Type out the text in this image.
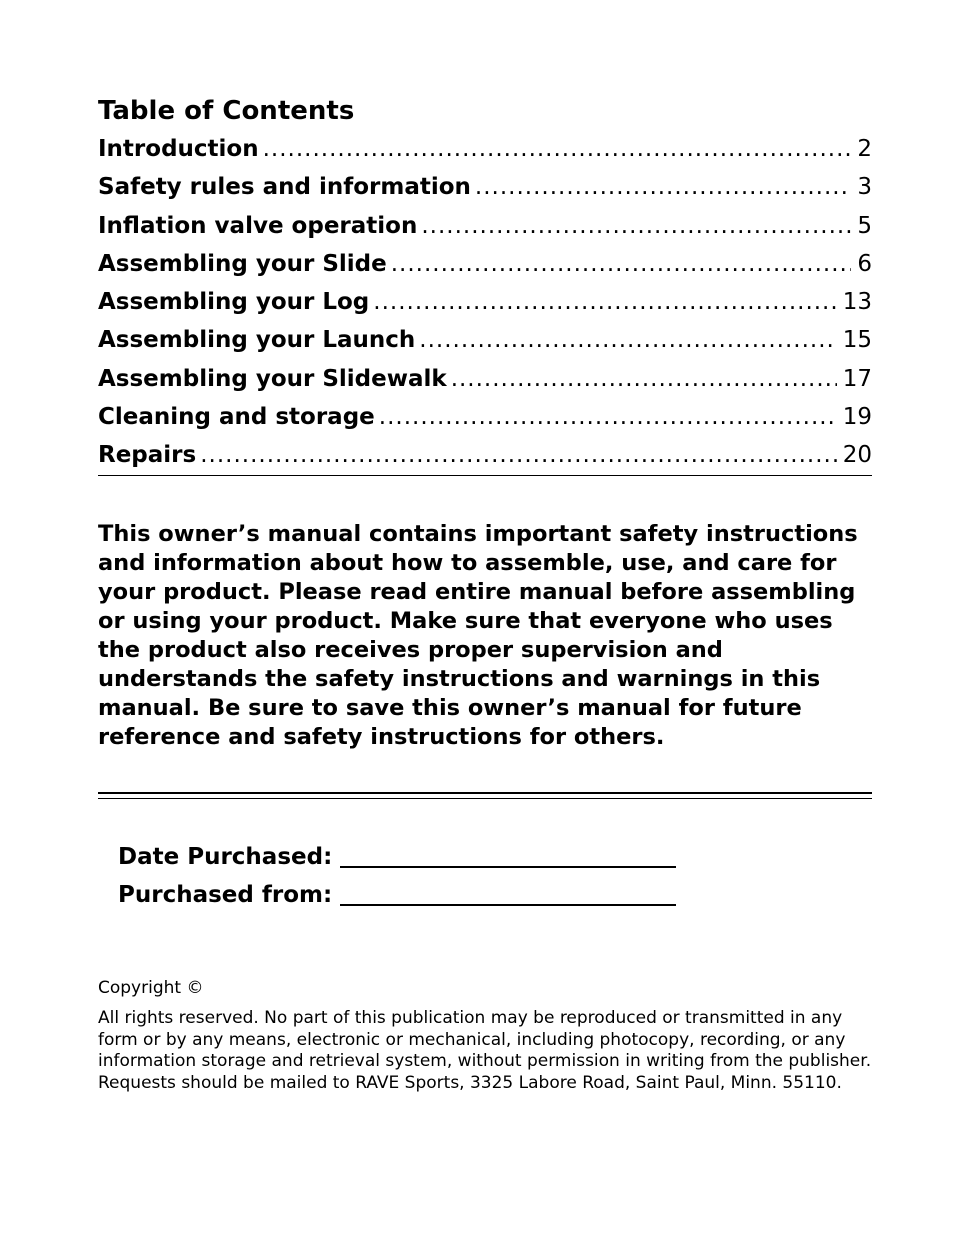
Table of Contents
Introduction .....	2
Safety rules and information .....	3
Inflation valve operation .....	5
Assembling your Slide .....	6
Assembling your Log .....	13
Assembling your Launch .....	15
Assembling your Slidewalk .....	17
Cleaning and storage .....	19
Repairs .....	20

This owner’s manual contains important safety instructions and information about how to assemble, use, and care for your product. Please read entire manual before assembling or using your product. Make sure that everyone who uses the product also receives proper supervision and understands the safety instructions and warnings in this manual. Be sure to save this owner’s manual for future reference and safety instructions for others.

Date Purchased:
Purchased from:

Copyright ©

All rights reserved. No part of this publication may be reproduced or transmitted in any form or by any means, electronic or mechanical, including photocopy, recording, or any information storage and retrieval system, without permission in writing from the publisher. Requests should be mailed to RAVE Sports, 3325 Labore Road, Saint Paul, Minn. 55110.
